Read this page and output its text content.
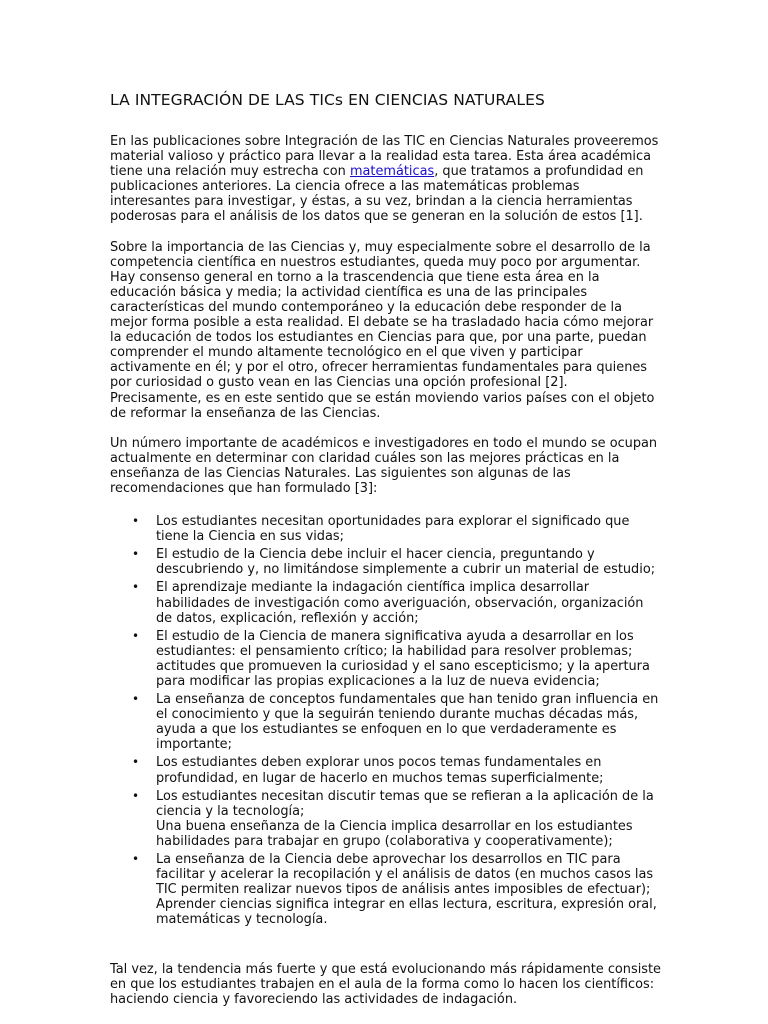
LA INTEGRACIÓN DE LAS TICs EN CIENCIAS NATURALES

En las publicaciones sobre Integración de las TIC en Ciencias Naturales proveeremos material valioso y práctico para llevar a la realidad esta tarea. Esta área académica tiene una relación muy estrecha con matemáticas, que tratamos a profundidad en publicaciones anteriores. La ciencia ofrece a las matemáticas problemas interesantes para investigar, y éstas, a su vez, brindan a la ciencia herramientas poderosas para el análisis de los datos que se generan en la solución de estos [1].

Sobre la importancia de las Ciencias y, muy especialmente sobre el desarrollo de la competencia científica en nuestros estudiantes, queda muy poco por argumentar. Hay consenso general en torno a la trascendencia que tiene esta área en la educación básica y media; la actividad científica es una de las principales características del mundo contemporáneo y la educación debe responder de la mejor forma posible a esta realidad. El debate se ha trasladado hacia cómo mejorar la educación de todos los estudiantes en Ciencias para que, por una parte, puedan comprender el mundo altamente tecnológico en el que viven y participar activamente en él; y por el otro, ofrecer herramientas fundamentales para quienes por curiosidad o gusto vean en las Ciencias una opción profesional [2]. Precisamente, es en este sentido que se están moviendo varios países con el objeto de reformar la enseñanza de las Ciencias.

Un número importante de académicos e investigadores en todo el mundo se ocupan actualmente en determinar con claridad cuáles son las mejores prácticas en la enseñanza de las Ciencias Naturales. Las siguientes son algunas de las recomendaciones que han formulado [3]:

• Los estudiantes necesitan oportunidades para explorar el significado que tiene la Ciencia en sus vidas;
• El estudio de la Ciencia debe incluir el hacer ciencia, preguntando y descubriendo y, no limitándose simplemente a cubrir un material de estudio;
• El aprendizaje mediante la indagación científica implica desarrollar habilidades de investigación como averiguación, observación, organización de datos, explicación, reflexión y acción;
• El estudio de la Ciencia de manera significativa ayuda a desarrollar en los estudiantes: el pensamiento crítico; la habilidad para resolver problemas; actitudes que promueven la curiosidad y el sano escepticismo; y la apertura para modificar las propias explicaciones a la luz de nueva evidencia;
• La enseñanza de conceptos fundamentales que han tenido gran influencia en el conocimiento y que la seguirán teniendo durante muchas décadas más, ayuda a que los estudiantes se enfoquen en lo que verdaderamente es importante;
• Los estudiantes deben explorar unos pocos temas fundamentales en profundidad, en lugar de hacerlo en muchos temas superficialmente;
• Los estudiantes necesitan discutir temas que se refieran a la aplicación de la ciencia y la tecnología;
Una buena enseñanza de la Ciencia implica desarrollar en los estudiantes habilidades para trabajar en grupo (colaborativa y cooperativamente);
• La enseñanza de la Ciencia debe aprovechar los desarrollos en TIC para facilitar y acelerar la recopilación y el análisis de datos (en muchos casos las TIC permiten realizar nuevos tipos de análisis antes imposibles de efectuar);
Aprender ciencias significa integrar en ellas lectura, escritura, expresión oral, matemáticas y tecnología.

Tal vez, la tendencia más fuerte y que está evolucionando más rápidamente consiste en que los estudiantes trabajen en el aula de la forma como lo hacen los científicos: haciendo ciencia y favoreciendo las actividades de indagación.
